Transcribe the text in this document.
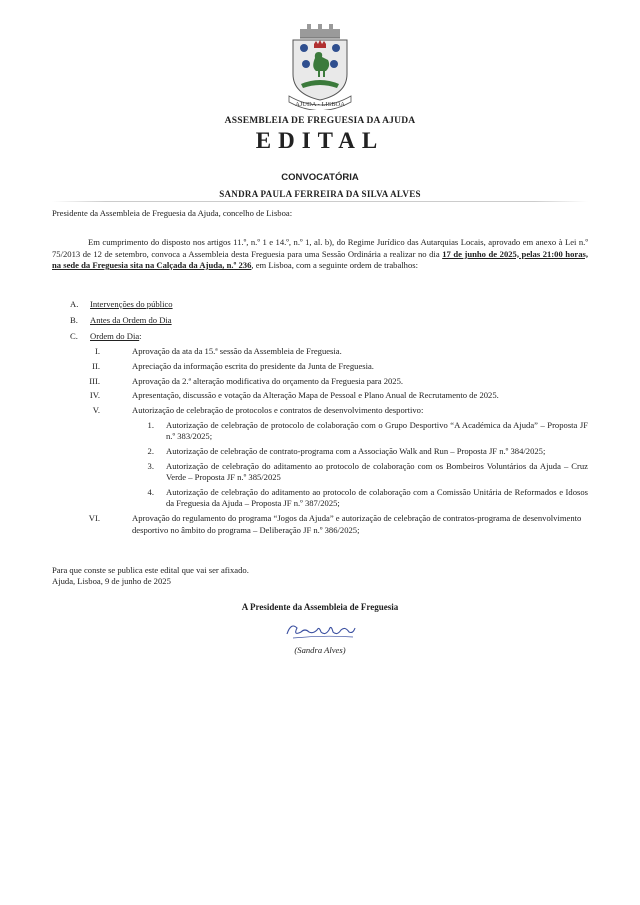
AJUDA - LISBOA
ASSEMBLEIA DE FREGUESIA DA AJUDA
EDITAL
CONVOCATÓRIA
SANDRA PAULA FERREIRA DA SILVA ALVES
Presidente da Assembleia de Freguesia da Ajuda, concelho de Lisboa:
Em cumprimento do disposto nos artigos 11.º, n.º 1 e 14.º, n.º 1, al. b), do Regime Jurídico das Autarquias Locais, aprovado em anexo à Lei n.º 75/2013 de 12 de setembro, convoca a Assembleia desta Freguesia para uma Sessão Ordinária a realizar no dia 17 de junho de 2025, pelas 21:00 horas, na sede da Freguesia sita na Calçada da Ajuda, n.º 236, em Lisboa, com a seguinte ordem de trabalhos:
A. Intervenções do público
B. Antes da Ordem do Dia
C. Ordem do Dia:
I.	Aprovação da ata da 15.ª sessão da Assembleia de Freguesia.
II.	Apreciação da informação escrita do presidente da Junta de Freguesia.
III.	Aprovação da 2.ª alteração modificativa do orçamento da Freguesia para 2025.
IV.	Apresentação, discussão e votação da Alteração Mapa de Pessoal e Plano Anual de Recrutamento de 2025.
V.	Autorização de celebração de protocolos e contratos de desenvolvimento desportivo:
1. Autorização de celebração de protocolo de colaboração com o Grupo Desportivo “A Académica da Ajuda” – Proposta JF n.º 383/2025;
2. Autorização de celebração de contrato-programa com a Associação Walk and Run – Proposta JF n.º 384/2025;
3. Autorização de celebração do aditamento ao protocolo de colaboração com os Bombeiros Voluntários da Ajuda – Cruz Verde – Proposta JF n.º 385/2025
4. Autorização de celebração do aditamento ao protocolo de colaboração com a Comissão Unitária de Reformados e Idosos da Freguesia da Ajuda – Proposta JF n.º 387/2025;
VI.	Aprovação do regulamento do programa “Jogos da Ajuda” e autorização de celebração de contratos-programa de desenvolvimento desportivo no âmbito do programa – Deliberação JF n.º 386/2025;
Para que conste se publica este edital que vai ser afixado.
Ajuda, Lisboa, 9 de junho de 2025
A Presidente da Assembleia de Freguesia
(Sandra Alves)
